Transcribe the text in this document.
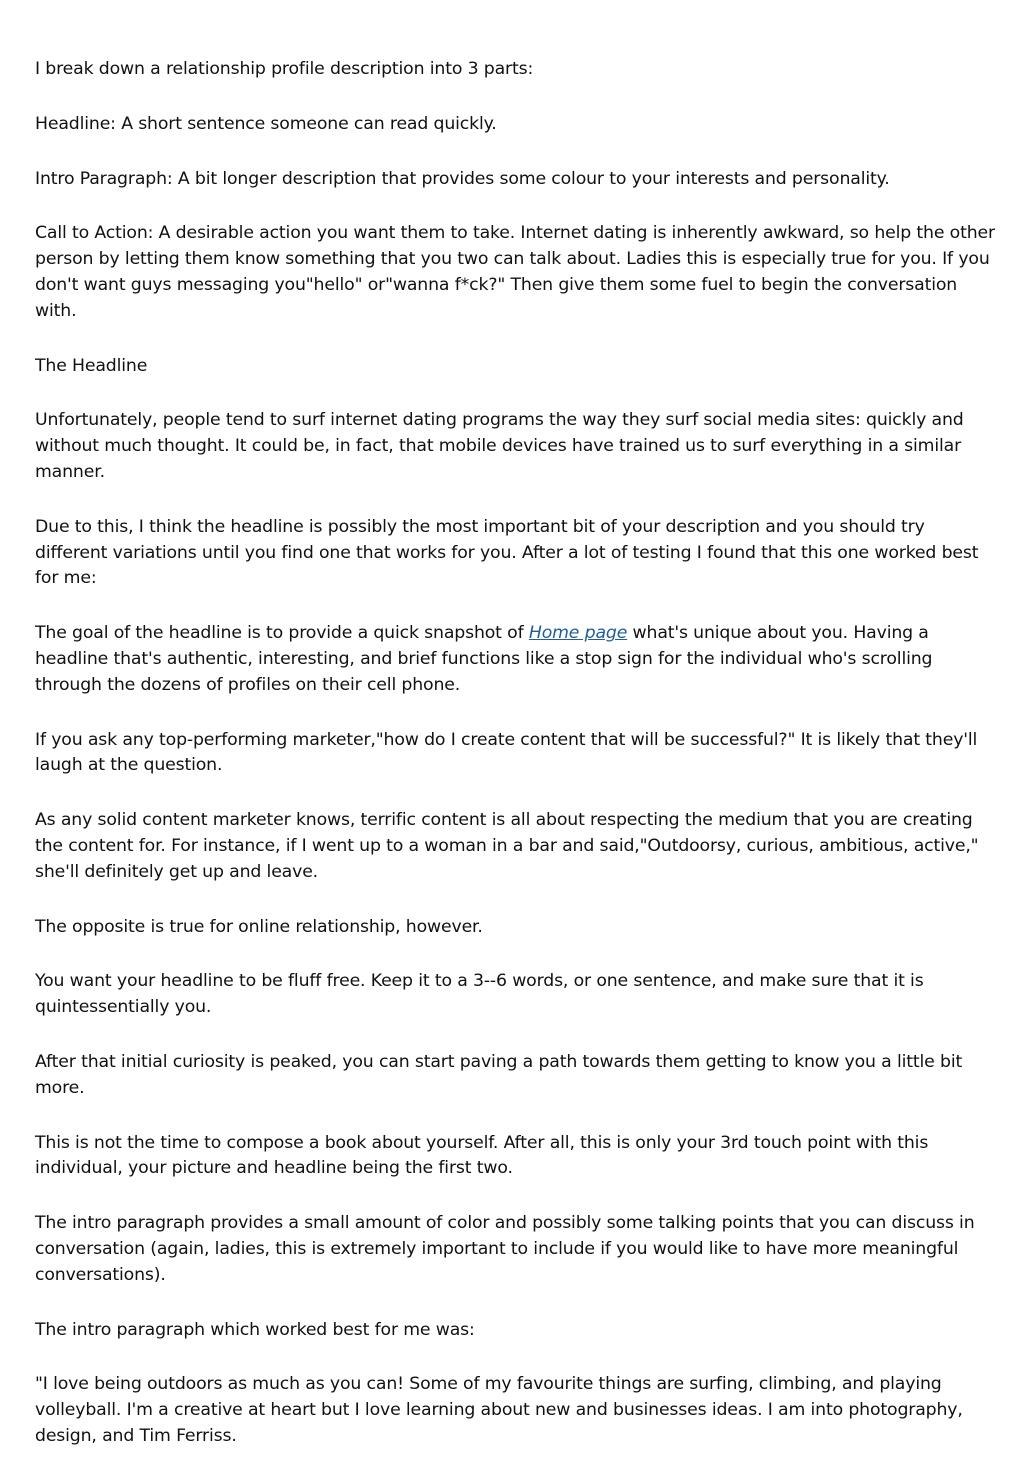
I break down a relationship profile description into 3 parts:

Headline: A short sentence someone can read quickly.

Intro Paragraph: A bit longer description that provides some colour to your interests and personality.

Call to Action: A desirable action you want them to take. Internet dating is inherently awkward, so help the other person by letting them know something that you two can talk about. Ladies this is especially true for you. If you don't want guys messaging you"hello" or"wanna f*ck?" Then give them some fuel to begin the conversation with.

The Headline

Unfortunately, people tend to surf internet dating programs the way they surf social media sites: quickly and without much thought. It could be, in fact, that mobile devices have trained us to surf everything in a similar manner.

Due to this, I think the headline is possibly the most important bit of your description and you should try different variations until you find one that works for you. After a lot of testing I found that this one worked best for me:

The goal of the headline is to provide a quick snapshot of Home page what's unique about you. Having a headline that's authentic, interesting, and brief functions like a stop sign for the individual who's scrolling through the dozens of profiles on their cell phone.

If you ask any top-performing marketer,"how do I create content that will be successful?" It is likely that they'll laugh at the question.

As any solid content marketer knows, terrific content is all about respecting the medium that you are creating the content for. For instance, if I went up to a woman in a bar and said,"Outdoorsy, curious, ambitious, active," she'll definitely get up and leave.

The opposite is true for online relationship, however.

You want your headline to be fluff free. Keep it to a 3--6 words, or one sentence, and make sure that it is quintessentially you.

After that initial curiosity is peaked, you can start paving a path towards them getting to know you a little bit more.

This is not the time to compose a book about yourself. After all, this is only your 3rd touch point with this individual, your picture and headline being the first two.

The intro paragraph provides a small amount of color and possibly some talking points that you can discuss in conversation (again, ladies, this is extremely important to include if you would like to have more meaningful conversations).

The intro paragraph which worked best for me was:

"I love being outdoors as much as you can! Some of my favourite things are surfing, climbing, and playing volleyball. I'm a creative at heart but I love learning about new and businesses ideas. I am into photography, design, and Tim Ferriss.
